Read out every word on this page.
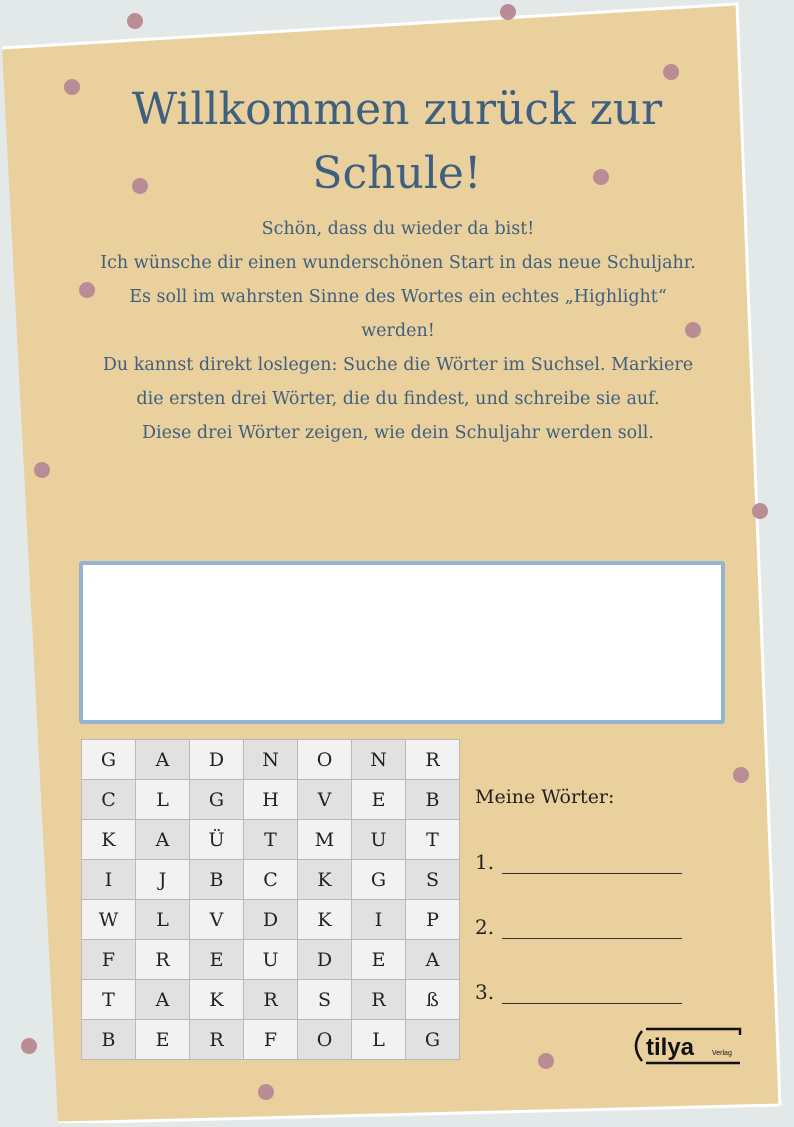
Willkommen zurück zur Schule!

Schön, dass du wieder da bist!

Ich wünsche dir einen wunderschönen Start in das neue Schuljahr. Es soll im wahrsten Sinne des Wortes ein echtes „Highlight“ werden!

Du kannst direkt loslegen: Suche die Wörter im Suchsel. Markiere die ersten drei Wörter, die du findest, und schreibe sie auf.

Diese drei Wörter zeigen, wie dein Schuljahr werden soll.

G	A	D	N	O	N	R
C	L	G	H	V	E	B
K	A	Ü	T	M	U	T
I	J	B	C	K	G	S
W	L	V	D	K	I	P
F	R	E	U	D	E	A
T	A	K	R	S	R	ß
B	E	R	F	O	L	G
Meine Wörter:
1.
2.
3.
tilya	Verlag
